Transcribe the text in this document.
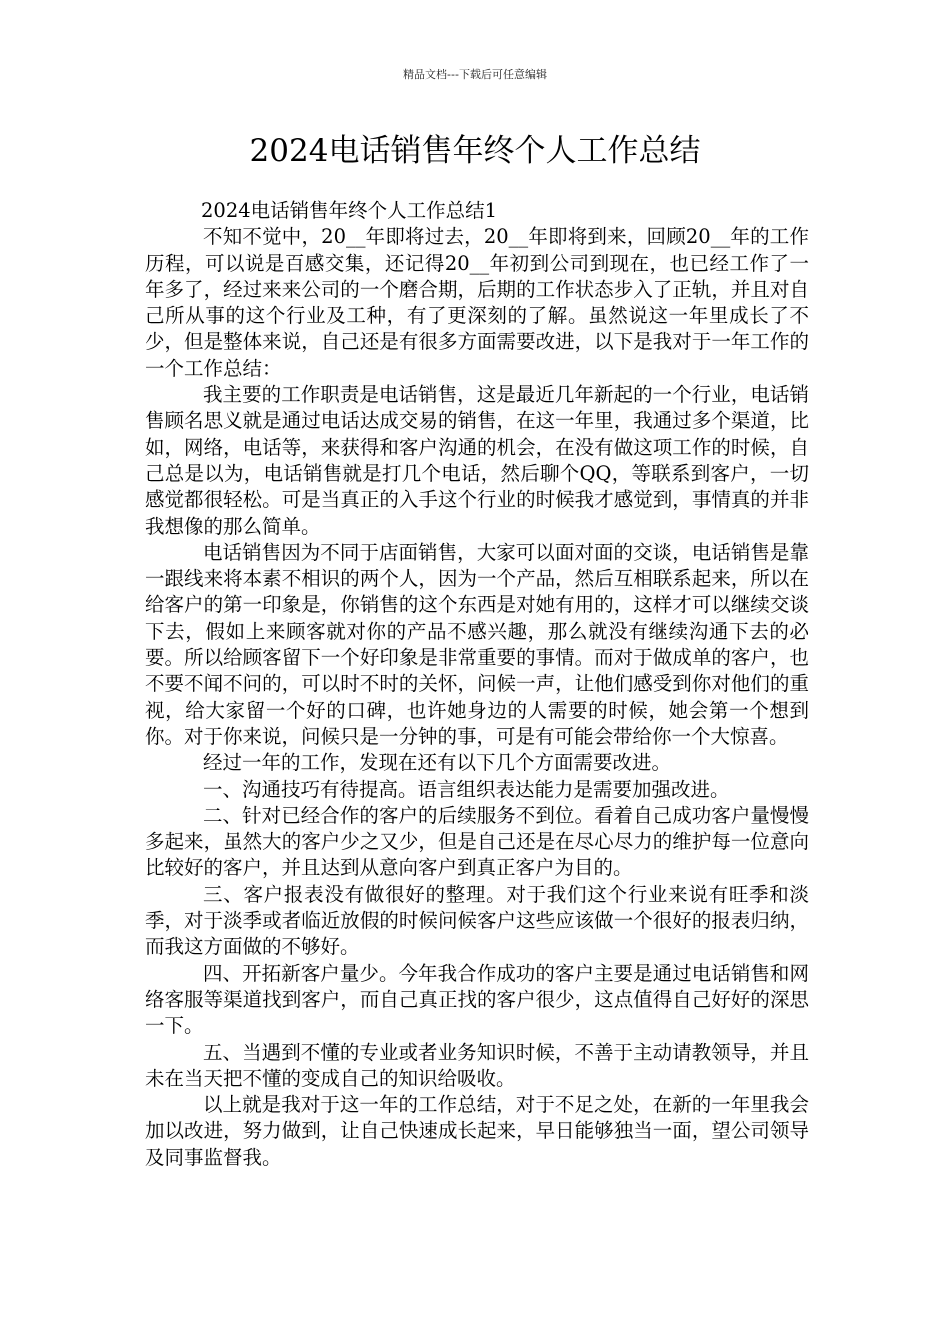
精品文档---下载后可任意编辑
2024电话销售年终个人工作总结

2024电话销售年终个人工作总结1

不知不觉中，20__年即将过去，20__年即将到来，回顾20__年的工作历程，可以说是百感交集，还记得20__年初到公司到现在，也已经工作了一年多了，经过来来公司的一个磨合期，后期的工作状态步入了正轨，并且对自己所从事的这个行业及工种，有了更深刻的了解。虽然说这一年里成长了不少，但是整体来说，自己还是有很多方面需要改进，以下是我对于一年工作的一个工作总结：

我主要的工作职责是电话销售，这是最近几年新起的一个行业，电话销售顾名思义就是通过电话达成交易的销售，在这一年里，我通过多个渠道，比如，网络，电话等，来获得和客户沟通的机会，在没有做这项工作的时候，自己总是以为，电话销售就是打几个电话，然后聊个QQ，等联系到客户，一切感觉都很轻松。可是当真正的入手这个行业的时候我才感觉到，事情真的并非我想像的那么简单。

电话销售因为不同于店面销售，大家可以面对面的交谈，电话销售是靠一跟线来将本素不相识的两个人，因为一个产品，然后互相联系起来，所以在给客户的第一印象是，你销售的这个东西是对她有用的，这样才可以继续交谈下去，假如上来顾客就对你的产品不感兴趣，那么就没有继续沟通下去的必要。所以给顾客留下一个好印象是非常重要的事情。而对于做成单的客户，也不要不闻不问的，可以时不时的关怀，问候一声，让他们感受到你对他们的重视，给大家留一个好的口碑，也许她身边的人需要的时候，她会第一个想到你。对于你来说，问候只是一分钟的事，可是有可能会带给你一个大惊喜。

经过一年的工作，发现在还有以下几个方面需要改进。

一、沟通技巧有待提高。语言组织表达能力是需要加强改进。

二、针对已经合作的客户的后续服务不到位。看着自己成功客户量慢慢多起来，虽然大的客户少之又少，但是自己还是在尽心尽力的维护每一位意向比较好的客户，并且达到从意向客户到真正客户为目的。

三、客户报表没有做很好的整理。对于我们这个行业来说有旺季和淡季，对于淡季或者临近放假的时候问候客户这些应该做一个很好的报表归纳，而我这方面做的不够好。

四、开拓新客户量少。今年我合作成功的客户主要是通过电话销售和网络客服等渠道找到客户，而自己真正找的客户很少，这点值得自己好好的深思一下。

五、当遇到不懂的专业或者业务知识时候，不善于主动请教领导，并且未在当天把不懂的变成自己的知识给吸收。

以上就是我对于这一年的工作总结，对于不足之处，在新的一年里我会加以改进，努力做到，让自己快速成长起来，早日能够独当一面，望公司领导及同事监督我。
